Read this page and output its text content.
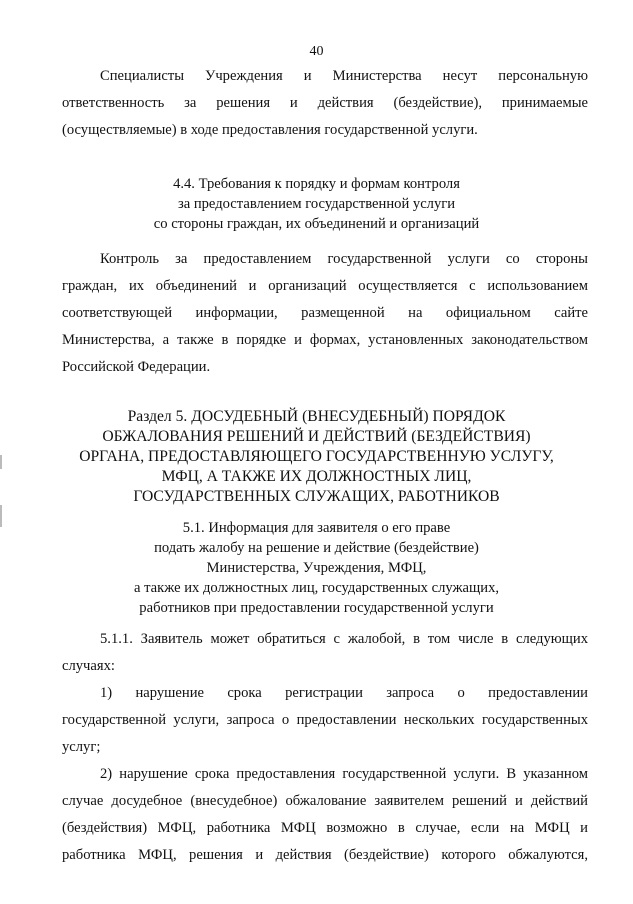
40
Специалисты Учреждения и Министерства несут персональную
ответственность за решения и действия (бездействие), принимаемые
(осуществляемые) в ходе предоставления государственной услуги.
4.4. Требования к порядку и формам контроля
за предоставлением государственной услуги
со стороны граждан, их объединений и организаций
Контроль за предоставлением государственной услуги со стороны
граждан, их объединений и организаций осуществляется с использованием
соответствующей информации, размещенной на официальном сайте
Министерства, а также в порядке и формах, установленных законодательством
Российской Федерации.
Раздел 5. ДОСУДЕБНЫЙ (ВНЕСУДЕБНЫЙ) ПОРЯДОК
ОБЖАЛОВАНИЯ РЕШЕНИЙ И ДЕЙСТВИЙ (БЕЗДЕЙСТВИЯ)
ОРГАНА, ПРЕДОСТАВЛЯЮЩЕГО ГОСУДАРСТВЕННУЮ УСЛУГУ,
МФЦ, А ТАКЖЕ ИХ ДОЛЖНОСТНЫХ ЛИЦ,
ГОСУДАРСТВЕННЫХ СЛУЖАЩИХ, РАБОТНИКОВ
5.1. Информация для заявителя о его праве
подать жалобу на решение и действие (бездействие)
Министерства, Учреждения, МФЦ,
а также их должностных лиц, государственных служащих,
работников при предоставлении государственной услуги
5.1.1. Заявитель может обратиться с жалобой, в том числе в следующих
случаях:
1) нарушение срока регистрации запроса о предоставлении
государственной услуги, запроса о предоставлении нескольких государственных
услуг;
2) нарушение срока предоставления государственной услуги. В указанном
случае досудебное (внесудебное) обжалование заявителем решений и действий
(бездействия) МФЦ, работника МФЦ возможно в случае, если на МФЦ и
работника МФЦ, решения и действия (бездействие) которого обжалуются,
